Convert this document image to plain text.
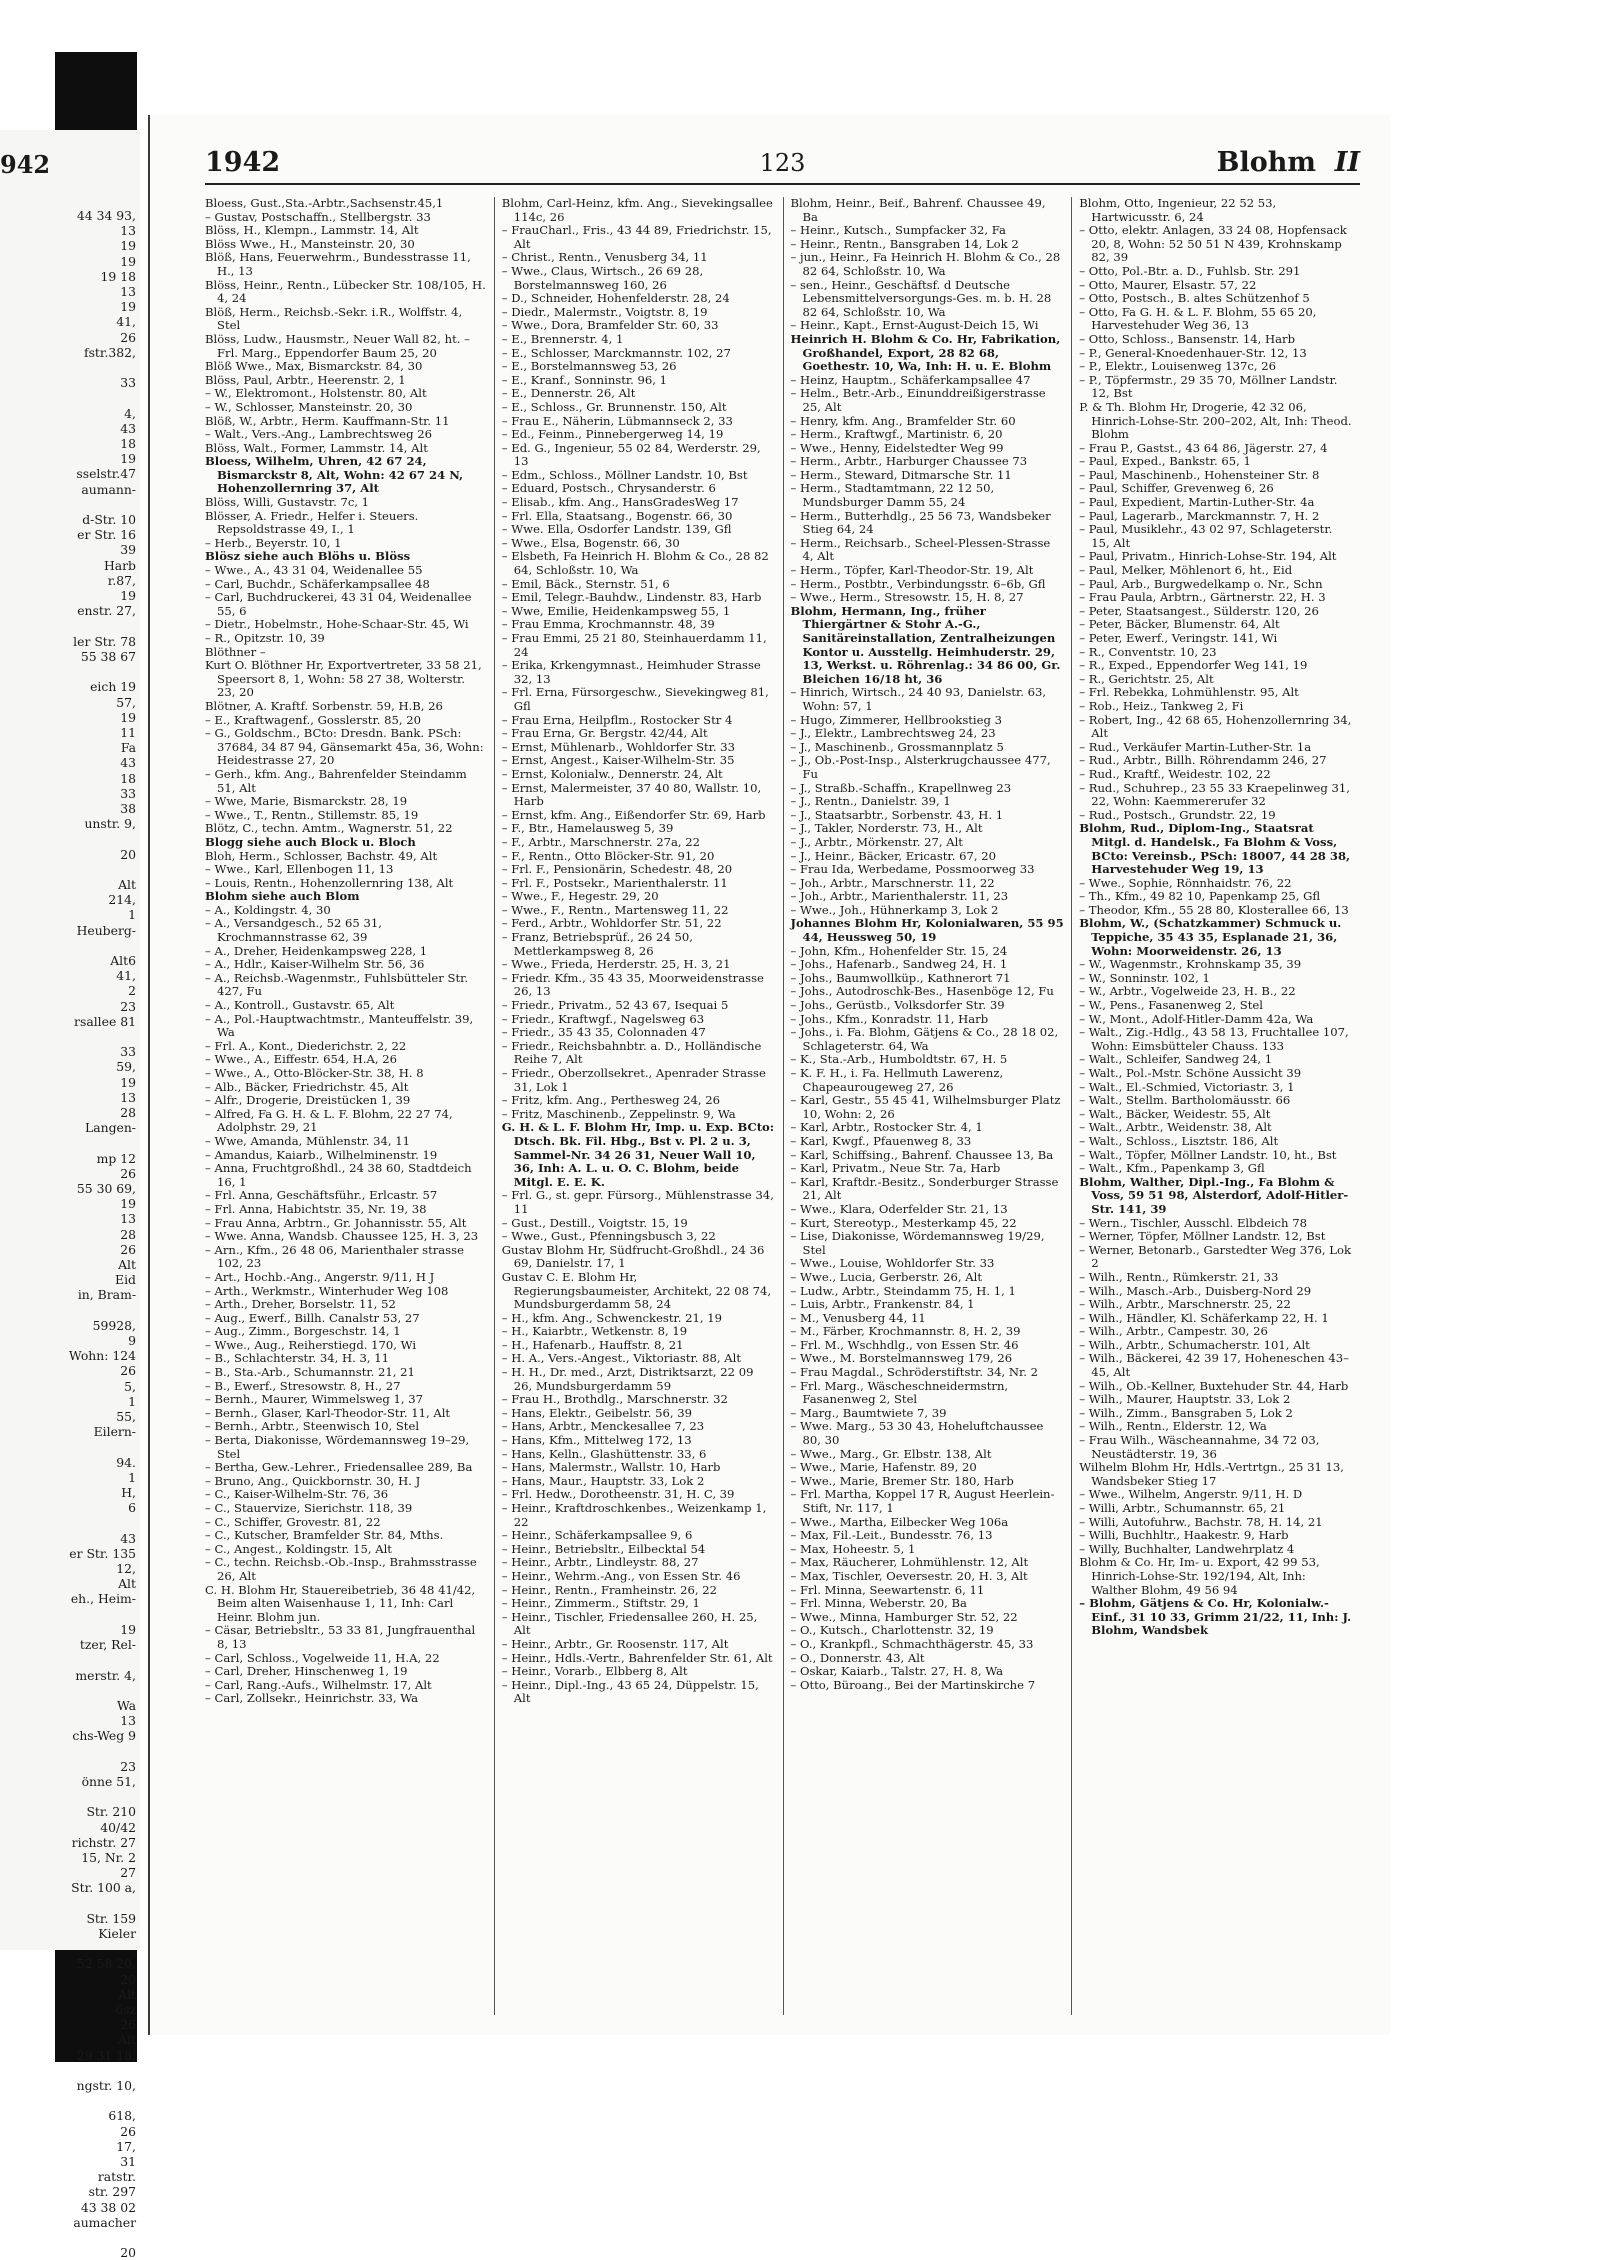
942
44 34 93,
13
19
19
19 18
13
19
41,
26
fstr.382,

33

4,
43
18
19
sselstr.47
aumann-

d-Str. 10
er Str. 16
39
Harb
r.87,
19
enstr. 27,

ler Str. 78
55 38 67

eich 19
57,
19
11
Fa
43
18
33
38
unstr. 9,

20

Alt
214,
1
Heuberg-

Alt6
41,
2
23
rsallee 81

33
59,
19
13
28
Langen-

mp 12
26
55 30 69,
19
13
28
26
Alt
Eid
in, Bram-

59928,
9
Wohn: 124
26
5,
1
55,
Eilern-

94.
1
H,
6

43
er Str. 135
12,
Alt
eh., Heim-

19
tzer, Rel-

merstr. 4,

Wa
13
chs-Weg 9

23
önne 51,

Str. 210
40/42
richstr. 27
15, Nr. 2
27
Str. 100 a,

Str. 159
Kieler

52 58 20,
20
Alt
ösz
26
Alt
29 31 18,

ngstr. 10,

618,
26
17,
31
ratstr.
str. 297
43 38 02
aumacher

20
1942	123	Blohm II

Bloess, Gust.,Sta.-Arbtr.,Sachsenstr.45,1

– Gustav, Postschaffn., Stellbergstr. 33

Blöss, H., Klempn., Lammstr. 14, Alt

Blöss Wwe., H., Mansteinstr. 20, 30

Blöß, Hans, Feuerwehrm., Bundesstrasse 11, H., 13

Blöss, Heinr., Rentn., Lübecker Str. 108/105, H. 4, 24

Blöß, Herm., Reichsb.-Sekr. i.R., Wolffstr. 4, Stel

Blöss, Ludw., Hausmstr., Neuer Wall 82, ht. – Frl. Marg., Eppendorfer Baum 25, 20

Blöß Wwe., Max, Bismarckstr. 84, 30

Blöss, Paul, Arbtr., Heerenstr. 2, 1

– W., Elektromont., Holstenstr. 80, Alt

– W., Schlosser, Mansteinstr. 20, 30

Blöß, W., Arbtr., Herm. Kauffmann-Str. 11

– Walt., Vers.-Ang., Lambrechtsweg 26

Blöss, Walt., Former, Lammstr. 14, Alt

Bloess, Wilhelm, Uhren, 42 67 24, Bismarckstr 8, Alt, Wohn: 42 67 24 N, Hohenzollernring 37, Alt

Blöss, Willi, Gustavstr. 7c, 1

Blösser, A. Friedr., Helfer i. Steuers. Repsoldstrasse 49, I., 1

– Herb., Beyerstr. 10, 1

Blösz siehe auch Blöhs u. Blöss

– Wwe., A., 43 31 04, Weidenallee 55

– Carl, Buchdr., Schäferkampsallee 48

– Carl, Buchdruckerei, 43 31 04, Weidenallee 55, 6

– Dietr., Hobelmstr., Hohe-Schaar-Str. 45, Wi

– R., Opitzstr. 10, 39

Blöthner –

Kurt O. Blöthner Hr, Exportvertreter, 33 58 21, Speersort 8, 1, Wohn: 58 27 38, Wolterstr. 23, 20

Blötner, A. Kraftf. Sorbenstr. 59, H.B, 26

– E., Kraftwagenf., Gosslerstr. 85, 20

– G., Goldschm., BCto: Dresdn. Bank. PSch: 37684, 34 87 94, Gänsemarkt 45a, 36, Wohn: Heidestrasse 27, 20

– Gerh., kfm. Ang., Bahrenfelder Steindamm 51, Alt

– Wwe, Marie, Bismarckstr. 28, 19

– Wwe., T., Rentn., Stillemstr. 85, 19

Blötz, C., techn. Amtm., Wagnerstr. 51, 22

Blogg siehe auch Block u. Bloch

Bloh, Herm., Schlosser, Bachstr. 49, Alt

– Wwe., Karl, Ellenbogen 11, 13

– Louis, Rentn., Hohenzollernring 138, Alt

Blohm siehe auch Blom

– A., Koldingstr. 4, 30

– A., Versandgesch., 52 65 31, Krochmannstrasse 62, 39

– A., Dreher, Heidenkampsweg 228, 1

– A., Hdlr., Kaiser-Wilhelm Str. 56, 36

– A., Reichsb.-Wagenmstr., Fuhlsbütteler Str. 427, Fu

– A., Kontroll., Gustavstr. 65, Alt

– A., Pol.-Hauptwachtmstr., Manteuffelstr. 39, Wa

– Frl. A., Kont., Diederichstr. 2, 22

– Wwe., A., Eiffestr. 654, H.A, 26

– Wwe., A., Otto-Blöcker-Str. 38, H. 8

– Alb., Bäcker, Friedrichstr. 45, Alt

– Alfr., Drogerie, Dreistücken 1, 39

– Alfred, Fa G. H. & L. F. Blohm, 22 27 74, Adolphstr. 29, 21

– Wwe, Amanda, Mühlenstr. 34, 11

– Amandus, Kaiarb., Wilhelminenstr. 19

– Anna, Fruchtgroßhdl., 24 38 60, Stadtdeich 16, 1

– Frl. Anna, Geschäftsführ., Erlcastr. 57

– Frl. Anna, Habichtstr. 35, Nr. 19, 38

– Frau Anna, Arbtrn., Gr. Johannisstr. 55, Alt

– Wwe. Anna, Wandsb. Chaussee 125, H. 3, 23

– Arn., Kfm., 26 48 06, Marienthaler strasse 102, 23

– Art., Hochb.-Ang., Angerstr. 9/11, H J

– Arth., Werkmstr., Winterhuder Weg 108

– Arth., Dreher, Borselstr. 11, 52

– Aug., Ewerf., Billh. Canalstr 53, 27

– Aug., Zimm., Borgeschstr. 14, 1

– Wwe., Aug., Reiherstiegd. 170, Wi

– B., Schlachterstr. 34, H. 3, 11

– B., Sta.-Arb., Schumannstr. 21, 21

– B., Ewerf., Stresowstr. 8, H., 27

– Bernh., Maurer, Wimmelsweg 1, 37

– Bernh., Glaser, Karl-Theodor-Str. 11, Alt

– Bernh., Arbtr., Steenwisch 10, Stel

– Berta, Diakonisse, Wördemannsweg 19–29, Stel

– Bertha, Gew.-Lehrer., Friedensallee 289, Ba

– Bruno, Ang., Quickbornstr. 30, H. J

– C., Kaiser-Wilhelm-Str. 76, 36

– C., Stauervize, Sierichstr. 118, 39

– C., Schiffer, Grovestr. 81, 22

– C., Kutscher, Bramfelder Str. 84, Mths.

– C., Angest., Koldingstr. 15, Alt

– C., techn. Reichsb.-Ob.-Insp., Brahmsstrasse 26, Alt

C. H. Blohm Hr, Stauereibetrieb, 36 48 41/42, Beim alten Waisenhause 1, 11, Inh: Carl Heinr. Blohm jun.

– Cäsar, Betriebsltr., 53 33 81, Jungfrauenthal 8, 13

– Carl, Schloss., Vogelweide 11, H.A, 22

– Carl, Dreher, Hinschenweg 1, 19

– Carl, Rang.-Aufs., Wilhelmstr. 17, Alt

– Carl, Zollsekr., Heinrichstr. 33, Wa

Blohm, Carl-Heinz, kfm. Ang., Sievekingsallee 114c, 26

– FrauCharl., Fris., 43 44 89, Friedrichstr. 15, Alt

– Christ., Rentn., Venusberg 34, 11

– Wwe., Claus, Wirtsch., 26 69 28, Borstelmannsweg 160, 26

– D., Schneider, Hohenfelderstr. 28, 24

– Diedr., Malermstr., Voigtstr. 8, 19

– Wwe., Dora, Bramfelder Str. 60, 33

– E., Brennerstr. 4, 1

– E., Schlosser, Marckmannstr. 102, 27

– E., Borstelmannsweg 53, 26

– E., Kranf., Sonninstr. 96, 1

– E., Dennerstr. 26, Alt

– E., Schloss., Gr. Brunnenstr. 150, Alt

– Frau E., Näherin, Lübmannseck 2, 33

– Ed., Feinm., Pinnebergerweg 14, 19

– Ed. G., Ingenieur, 55 02 84, Werderstr. 29, 13

– Edm., Schloss., Möllner Landstr. 10, Bst

– Eduard, Postsch., Chrysanderstr. 6

– Elisab., kfm. Ang., HansGradesWeg 17

– Frl. Ella, Staatsang., Bogenstr. 66, 30

– Wwe. Ella, Osdorfer Landstr. 139, Gfl

– Wwe., Elsa, Bogenstr. 66, 30

– Elsbeth, Fa Heinrich H. Blohm & Co., 28 82 64, Schloßstr. 10, Wa

– Emil, Bäck., Sternstr. 51, 6

– Emil, Telegr.-Bauhdw., Lindenstr. 83, Harb

– Wwe, Emilie, Heidenkampsweg 55, 1

– Frau Emma, Krochmannstr. 48, 39

– Frau Emmi, 25 21 80, Steinhauerdamm 11, 24

– Erika, Krkengymnast., Heimhuder Strasse 32, 13

– Frl. Erna, Fürsorgeschw., Sievekingweg 81, Gfl

– Frau Erna, Heilpflm., Rostocker Str 4

– Frau Erna, Gr. Bergstr. 42/44, Alt

– Ernst, Mühlenarb., Wohldorfer Str. 33

– Ernst, Angest., Kaiser-Wilhelm-Str. 35

– Ernst, Kolonialw., Dennerstr. 24, Alt

– Ernst, Malermeister, 37 40 80, Wallstr. 10, Harb

– Ernst, kfm. Ang., Eißendorfer Str. 69, Harb

– F., Btr., Hamelausweg 5, 39

– F., Arbtr., Marschnerstr. 27a, 22

– F., Rentn., Otto Blöcker-Str. 91, 20

– Frl. F., Pensionärin, Schedestr. 48, 20

– Frl. F., Postsekr., Marienthalerstr. 11

– Wwe., F., Hegestr. 29, 20

– Wwe., F., Rentn., Martensweg 11, 22

– Ferd., Arbtr., Wohldorfer Str. 51, 22

– Franz, Betriebsprüf., 26 24 50, Mettlerkampsweg 8, 26

– Wwe., Frieda, Herderstr. 25, H. 3, 21

– Friedr. Kfm., 35 43 35, Moorweidenstrasse 26, 13

– Friedr., Privatm., 52 43 67, Isequai 5

– Friedr., Kraftwgf., Nagelsweg 63

– Friedr., 35 43 35, Colonnaden 47

– Friedr., Reichsbahnbtr. a. D., Holländische Reihe 7, Alt

– Friedr., Oberzollsekret., Apenrader Strasse 31, Lok 1

– Fritz, kfm. Ang., Perthesweg 24, 26

– Fritz, Maschinenb., Zeppelinstr. 9, Wa

G. H. & L. F. Blohm Hr, Imp. u. Exp. BCto: Dtsch. Bk. Fil. Hbg., Bst v. Pl. 2 u. 3, Sammel-Nr. 34 26 31, Neuer Wall 10, 36, Inh: A. L. u. O. C. Blohm, beide Mitgl. E. E. K.

– Frl. G., st. gepr. Fürsorg., Mühlenstrasse 34, 11

– Gust., Destill., Voigtstr. 15, 19

– Wwe., Gust., Pfenningsbusch 3, 22

Gustav Blohm Hr, Südfrucht-Großhdl., 24 36 69, Danielstr. 17, 1

Gustav C. E. Blohm Hr, Regierungsbaumeister, Architekt, 22 08 74, Mundsburgerdamm 58, 24

– H., kfm. Ang., Schwenckestr. 21, 19

– H., Kaiarbtr., Wetkenstr. 8, 19

– H., Hafenarb., Hauffstr. 8, 21

– H. A., Vers.-Angest., Viktoriastr. 88, Alt

– H. H., Dr. med., Arzt, Distriktsarzt, 22 09 26, Mundsburgerdamm 59

– Frau H., Brothdlg., Marschnerstr. 32

– Hans, Elektr., Geibelstr. 56, 39

– Hans, Arbtr., Menckesallee 7, 23

– Hans, Kfm., Mittelweg 172, 13

– Hans, Kelln., Glashüttenstr. 33, 6

– Hans, Malermstr., Wallstr. 10, Harb

– Hans, Maur., Hauptstr. 33, Lok 2

– Frl. Hedw., Dorotheenstr. 31, H. C, 39

– Heinr., Kraftdroschkenbes., Weizenkamp 1, 22

– Heinr., Schäferkampsallee 9, 6

– Heinr., Betriebsltr., Eilbecktal 54

– Heinr., Arbtr., Lindleystr. 88, 27

– Heinr., Wehrm.-Ang., von Essen Str. 46

– Heinr., Rentn., Framheinstr. 26, 22

– Heinr., Zimmerm., Stiftstr. 29, 1

– Heinr., Tischler, Friedensallee 260, H. 25, Alt

– Heinr., Arbtr., Gr. Roosenstr. 117, Alt

– Heinr., Hdls.-Vertr., Bahrenfelder Str. 61, Alt

– Heinr., Vorarb., Elbberg 8, Alt

– Heinr., Dipl.-Ing., 43 65 24, Düppelstr. 15, Alt

Blohm, Heinr., Beif., Bahrenf. Chaussee 49, Ba

– Heinr., Kutsch., Sumpfacker 32, Fa

– Heinr., Rentn., Bansgraben 14, Lok 2

– jun., Heinr., Fa Heinrich H. Blohm & Co., 28 82 64, Schloßstr. 10, Wa

– sen., Heinr., Geschäftsf. d Deutsche Lebensmittelversorgungs-Ges. m. b. H. 28 82 64, Schloßstr. 10, Wa

– Heinr., Kapt., Ernst-August-Deich 15, Wi

Heinrich H. Blohm & Co. Hr, Fabrikation, Großhandel, Export, 28 82 68, Goethestr. 10, Wa, Inh: H. u. E. Blohm

– Heinz, Hauptm., Schäferkampsallee 47

– Helm., Betr.-Arb., Einunddreißigerstrasse 25, Alt

– Henry, kfm. Ang., Bramfelder Str. 60

– Herm., Kraftwgf., Martinistr. 6, 20

– Wwe., Henny, Eidelstedter Weg 99

– Herm., Arbtr., Harburger Chaussee 73

– Herm., Steward, Ditmarsche Str. 11

– Herm., Stadtamtmann, 22 12 50, Mundsburger Damm 55, 24

– Herm., Butterhdlg., 25 56 73, Wandsbeker Stieg 64, 24

– Herm., Reichsarb., Scheel-Plessen-Strasse 4, Alt

– Herm., Töpfer, Karl-Theodor-Str. 19, Alt

– Herm., Postbtr., Verbindungsstr. 6–6b, Gfl

– Wwe., Herm., Stresowstr. 15, H. 8, 27

Blohm, Hermann, Ing., früher Thiergärtner & Stohr A.-G., Sanitäreinstallation, Zentralheizungen Kontor u. Ausstellg. Heimhuderstr. 29, 13, Werkst. u. Röhrenlag.: 34 86 00, Gr. Bleichen 16/18 ht, 36

– Hinrich, Wirtsch., 24 40 93, Danielstr. 63, Wohn: 57, 1

– Hugo, Zimmerer, Hellbrookstieg 3

– J., Elektr., Lambrechtsweg 24, 23

– J., Maschinenb., Grossmannplatz 5

– J., Ob.-Post-Insp., Alsterkrugchaussee 477, Fu

– J., Straßb.-Schaffn., Krapellnweg 23

– J., Rentn., Danielstr. 39, 1

– J., Staatsarbtr., Sorbenstr. 43, H. 1

– J., Takler, Norderstr. 73, H., Alt

– J., Arbtr., Mörkenstr. 27, Alt

– J., Heinr., Bäcker, Ericastr. 67, 20

– Frau Ida, Werbedame, Possmoorweg 33

– Joh., Arbtr., Marschnerstr. 11, 22

– Joh., Arbtr., Marienthalerstr. 11, 23

– Wwe., Joh., Hühnerkamp 3, Lok 2

Johannes Blohm Hr, Kolonialwaren, 55 95 44, Heussweg 50, 19

– John, Kfm., Hohenfelder Str. 15, 24

– Johs., Hafenarb., Sandweg 24, H. 1

– Johs., Baumwollküp., Kathnerort 71

– Johs., Autodroschk-Bes., Hasenböge 12, Fu

– Johs., Gerüstb., Volksdorfer Str. 39

– Johs., Kfm., Konradstr. 11, Harb

– Johs., i. Fa. Blohm, Gätjens & Co., 28 18 02, Schlageterstr. 64, Wa

– K., Sta.-Arb., Humboldtstr. 67, H. 5

– K. F. H., i. Fa. Hellmuth Lawerenz, Chapeaurougeweg 27, 26

– Karl, Gestr., 55 45 41, Wilhelmsburger Platz 10, Wohn: 2, 26

– Karl, Arbtr., Rostocker Str. 4, 1

– Karl, Kwgf., Pfauenweg 8, 33

– Karl, Schiffsing., Bahrenf. Chaussee 13, Ba

– Karl, Privatm., Neue Str. 7a, Harb

– Karl, Kraftdr.-Besitz., Sonderburger Strasse 21, Alt

– Wwe., Klara, Oderfelder Str. 21, 13

– Kurt, Stereotyp., Mesterkamp 45, 22

– Lise, Diakonisse, Wördemannsweg 19/29, Stel

– Wwe., Louise, Wohldorfer Str. 33

– Wwe., Lucia, Gerberstr. 26, Alt

– Ludw., Arbtr., Steindamm 75, H. 1, 1

– Luis, Arbtr., Frankenstr. 84, 1

– M., Venusberg 44, 11

– M., Färber, Krochmannstr. 8, H. 2, 39

– Frl. M., Wschhdlg., von Essen Str. 46

– Wwe., M. Borstelmannsweg 179, 26

– Frau Magdal., Schröderstiftstr. 34, Nr. 2

– Frl. Marg., Wäscheschneidermstrn, Fasanenweg 2, Stel

– Marg., Baumtwiete 7, 39

– Wwe. Marg., 53 30 43, Hoheluftchaussee 80, 30

– Wwe., Marg., Gr. Elbstr. 138, Alt

– Wwe., Marie, Hafenstr. 89, 20

– Wwe., Marie, Bremer Str. 180, Harb

– Frl. Martha, Koppel 17 R, August Heerlein-Stift, Nr. 117, 1

– Wwe., Martha, Eilbecker Weg 106a

– Max, Fil.-Leit., Bundesstr. 76, 13

– Max, Hoheestr. 5, 1

– Max, Räucherer, Lohmühlenstr. 12, Alt

– Max, Tischler, Oeversestr. 20, H. 3, Alt

– Frl. Minna, Seewartenstr. 6, 11

– Frl. Minna, Weberstr. 20, Ba

– Wwe., Minna, Hamburger Str. 52, 22

– O., Kutsch., Charlottenstr. 32, 19

– O., Krankpfl., Schmachthägerstr. 45, 33

– O., Donnerstr. 43, Alt

– Oskar, Kaiarb., Talstr. 27, H. 8, Wa

– Otto, Büroang., Bei der Martinskirche 7

Blohm, Otto, Ingenieur, 22 52 53, Hartwicusstr. 6, 24

– Otto, elektr. Anlagen, 33 24 08, Hopfensack 20, 8, Wohn: 52 50 51 N 439, Krohnskamp 82, 39

– Otto, Pol.-Btr. a. D., Fuhlsb. Str. 291

– Otto, Maurer, Elsastr. 57, 22

– Otto, Postsch., B. altes Schützenhof 5

– Otto, Fa G. H. & L. F. Blohm, 55 65 20, Harvestehuder Weg 36, 13

– Otto, Schloss., Bansenstr. 14, Harb

– P., General-Knoedenhauer-Str. 12, 13

– P., Elektr., Louisenweg 137c, 26

– P., Töpfermstr., 29 35 70, Möllner Landstr. 12, Bst

P. & Th. Blohm Hr, Drogerie, 42 32 06, Hinrich-Lohse-Str. 200–202, Alt, Inh: Theod. Blohm

– Frau P., Gastst., 43 64 86, Jägerstr. 27, 4

– Paul, Exped., Bankstr. 65, 1

– Paul, Maschinenb., Hohensteiner Str. 8

– Paul, Schiffer, Grevenweg 6, 26

– Paul, Expedient, Martin-Luther-Str. 4a

– Paul, Lagerarb., Marckmannstr. 7, H. 2

– Paul, Musiklehr., 43 02 97, Schlageterstr. 15, Alt

– Paul, Privatm., Hinrich-Lohse-Str. 194, Alt

– Paul, Melker, Möhlenort 6, ht., Eid

– Paul, Arb., Burgwedelkamp o. Nr., Schn

– Frau Paula, Arbtrn., Gärtnerstr. 22, H. 3

– Peter, Staatsangest., Sülderstr. 120, 26

– Peter, Bäcker, Blumenstr. 64, Alt

– Peter, Ewerf., Veringstr. 141, Wi

– R., Conventstr. 10, 23

– R., Exped., Eppendorfer Weg 141, 19

– R., Gerichtstr. 25, Alt

– Frl. Rebekka, Lohmühlenstr. 95, Alt

– Rob., Heiz., Tankweg 2, Fi

– Robert, Ing., 42 68 65, Hohenzollernring 34, Alt

– Rud., Verkäufer Martin-Luther-Str. 1a

– Rud., Arbtr., Billh. Röhrendamm 246, 27

– Rud., Kraftf., Weidestr. 102, 22

– Rud., Schuhrep., 23 55 33 Kraepelinweg 31, 22, Wohn: Kaemmererufer 32

– Rud., Postsch., Grundstr. 22, 19

Blohm, Rud., Diplom-Ing., Staatsrat Mitgl. d. Handelsk., Fa Blohm & Voss, BCto: Vereinsb., PSch: 18007, 44 28 38, Harvestehuder Weg 19, 13

– Wwe., Sophie, Rönnhaidstr. 76, 22

– Th., Kfm., 49 82 10, Papenkamp 25, Gfl

– Theodor, Kfm., 55 28 80, Klosterallee 66, 13

Blohm, W., (Schatzkammer) Schmuck u. Teppiche, 35 43 35, Esplanade 21, 36, Wohn: Moorweidenstr. 26, 13

– W., Wagenmstr., Krohnskamp 35, 39

– W., Sonninstr. 102, 1

– W., Arbtr., Vogelweide 23, H. B., 22

– W., Pens., Fasanenweg 2, Stel

– W., Mont., Adolf-Hitler-Damm 42a, Wa

– Walt., Zig.-Hdlg., 43 58 13, Fruchtallee 107, Wohn: Eimsbütteler Chauss. 133

– Walt., Schleifer, Sandweg 24, 1

– Walt., Pol.-Mstr. Schöne Aussicht 39

– Walt., El.-Schmied, Victoriastr. 3, 1

– Walt., Stellm. Bartholomäusstr. 66

– Walt., Bäcker, Weidestr. 55, Alt

– Walt., Arbtr., Weidenstr. 38, Alt

– Walt., Schloss., Lisztstr. 186, Alt

– Walt., Töpfer, Möllner Landstr. 10, ht., Bst

– Walt., Kfm., Papenkamp 3, Gfl

Blohm, Walther, Dipl.-Ing., Fa Blohm & Voss, 59 51 98, Alsterdorf, Adolf-Hitler-Str. 141, 39

– Wern., Tischler, Ausschl. Elbdeich 78

– Werner, Töpfer, Möllner Landstr. 12, Bst

– Werner, Betonarb., Garstedter Weg 376, Lok 2

– Wilh., Rentn., Rümkerstr. 21, 33

– Wilh., Masch.-Arb., Duisberg-Nord 29

– Wilh., Arbtr., Marschnerstr. 25, 22

– Wilh., Händler, Kl. Schäferkamp 22, H. 1

– Wilh., Arbtr., Campestr. 30, 26

– Wilh., Arbtr., Schumacherstr. 101, Alt

– Wilh., Bäckerei, 42 39 17, Hoheneschen 43–45, Alt

– Wilh., Ob.-Kellner, Buxtehuder Str. 44, Harb

– Wilh., Maurer, Hauptstr. 33, Lok 2

– Wilh., Zimm., Bansgraben 5, Lok 2

– Wilh., Rentn., Elderstr. 12, Wa

– Frau Wilh., Wäscheannahme, 34 72 03, Neustädterstr. 19, 36

Wilhelm Blohm Hr, Hdls.-Vertrtgn., 25 31 13, Wandsbeker Stieg 17

– Wwe., Wilhelm, Angerstr. 9/11, H. D

– Willi, Arbtr., Schumannstr. 65, 21

– Willi, Autofuhrw., Bachstr. 78, H. 14, 21

– Willi, Buchhltr., Haakestr. 9, Harb

– Willy, Buchhalter, Landwehrplatz 4

Blohm & Co. Hr, Im- u. Export, 42 99 53, Hinrich-Lohse-Str. 192/194, Alt, Inh: Walther Blohm, 49 56 94

– Blohm, Gätjens & Co. Hr, Kolonialw.-Einf., 31 10 33, Grimm 21/22, 11, Inh: J. Blohm, Wandsbek
